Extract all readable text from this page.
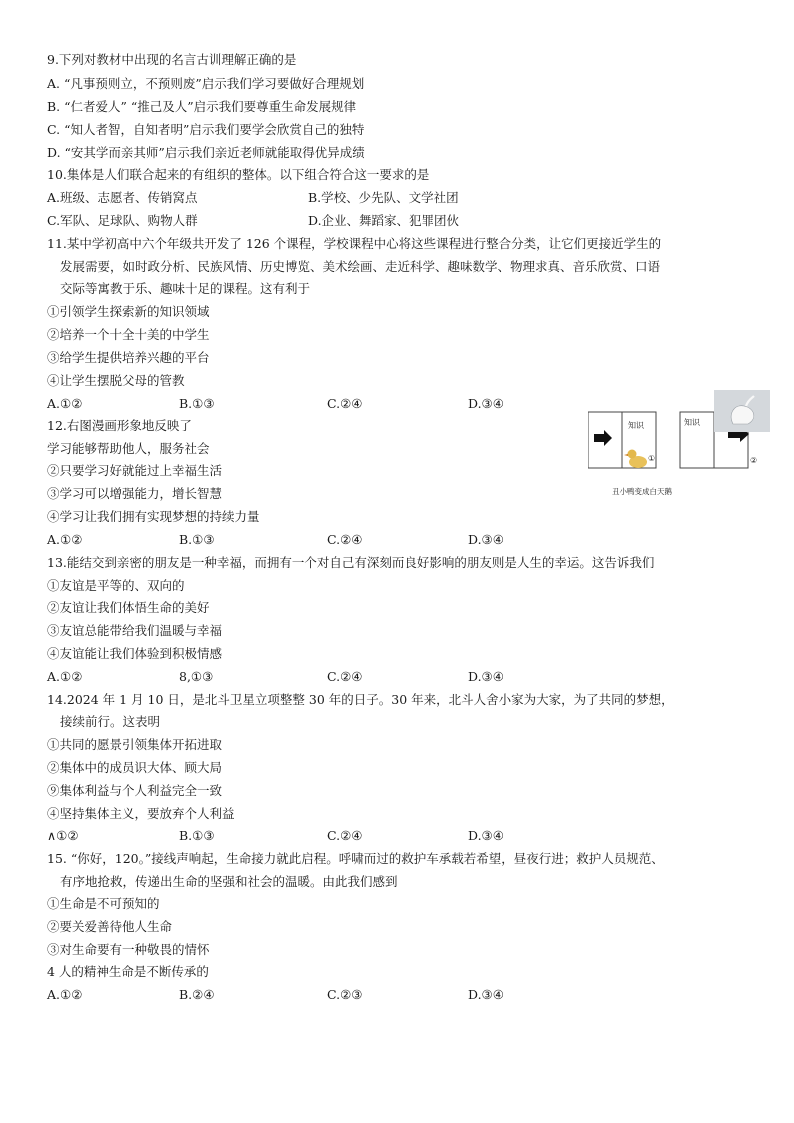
9.下列对教材中出现的名言古训理解正确的是
A. “凡事预则立，不预则废”启示我们学习要做好合理规划
B. “仁者爱人” “推己及人”启示我们要尊重生命发展规律
C. “知人者智，自知者明”启示我们要学会欣赏自己的独特
D. “安其学而亲其师”启示我们亲近老师就能取得优异成绩
10.集体是人们联合起来的有组织的整体。以下组合符合这一要求的是
A.班级、志愿者、传销窝点	B.学校、少先队、文学社团
C.军队、足球队、购物人群	D.企业、舞蹈家、犯罪团伙
11.某中学初高中六个年级共开发了 126 个课程，学校课程中心将这些课程进行整合分类，让它们更接近学生的
发展需要，如时政分析、民族风情、历史博览、美术绘画、走近科学、趣味数学、物理求真、音乐欣赏、口语
交际等寓教于乐、趣味十足的课程。这有利于
①引领学生探索新的知识领域
②培养一个十全十美的中学生
③给学生提供培养兴趣的平台
④让学生摆脱父母的管教
A.①②	B.①③	C.②④	D.③④
12.右图漫画形象地反映了
学习能够帮助他人，服务社会
②只要学习好就能过上幸福生活
③学习可以增强能力，增长智慧
④学习让我们拥有实现梦想的持续力量
A.①②	B.①③	C.②④	D.③④
知识	知识
①	②
丑小鸭变成白天鹅
13.能结交到亲密的朋友是一种幸福，而拥有一个对自己有深刻而良好影响的朋友则是人生的幸运。这告诉我们
①友谊是平等的、双向的
②友谊让我们体悟生命的美好
③友谊总能带给我们温暖与幸福
④友谊能让我们体验到积极情感
A.①②	8,①③	C.②④	D.③④
14.2024 年 1 月 10 日，是北斗卫星立项整整 30 年的日子。30 年来，北斗人舍小家为大家，为了共同的梦想，
接续前行。这表明
①共同的愿景引领集体开拓进取
②集体中的成员识大体、顾大局
⑨集体利益与个人利益完全一致
④坚持集体主义，要放弃个人利益
∧①②	B.①③	C.②④	D.③④
15. “你好，120。”接线声响起，生命接力就此启程。呼啸而过的救护车承载若希望，昼夜行进；救护人员规范、
有序地抢救，传递出生命的坚强和社会的温暖。由此我们感到
①生命是不可预知的
②要关爱善待他人生命
③对生命要有一种敬畏的情怀
4 人的精神生命是不断传承的
A.①②	B.②④	C.②③	D.③④
